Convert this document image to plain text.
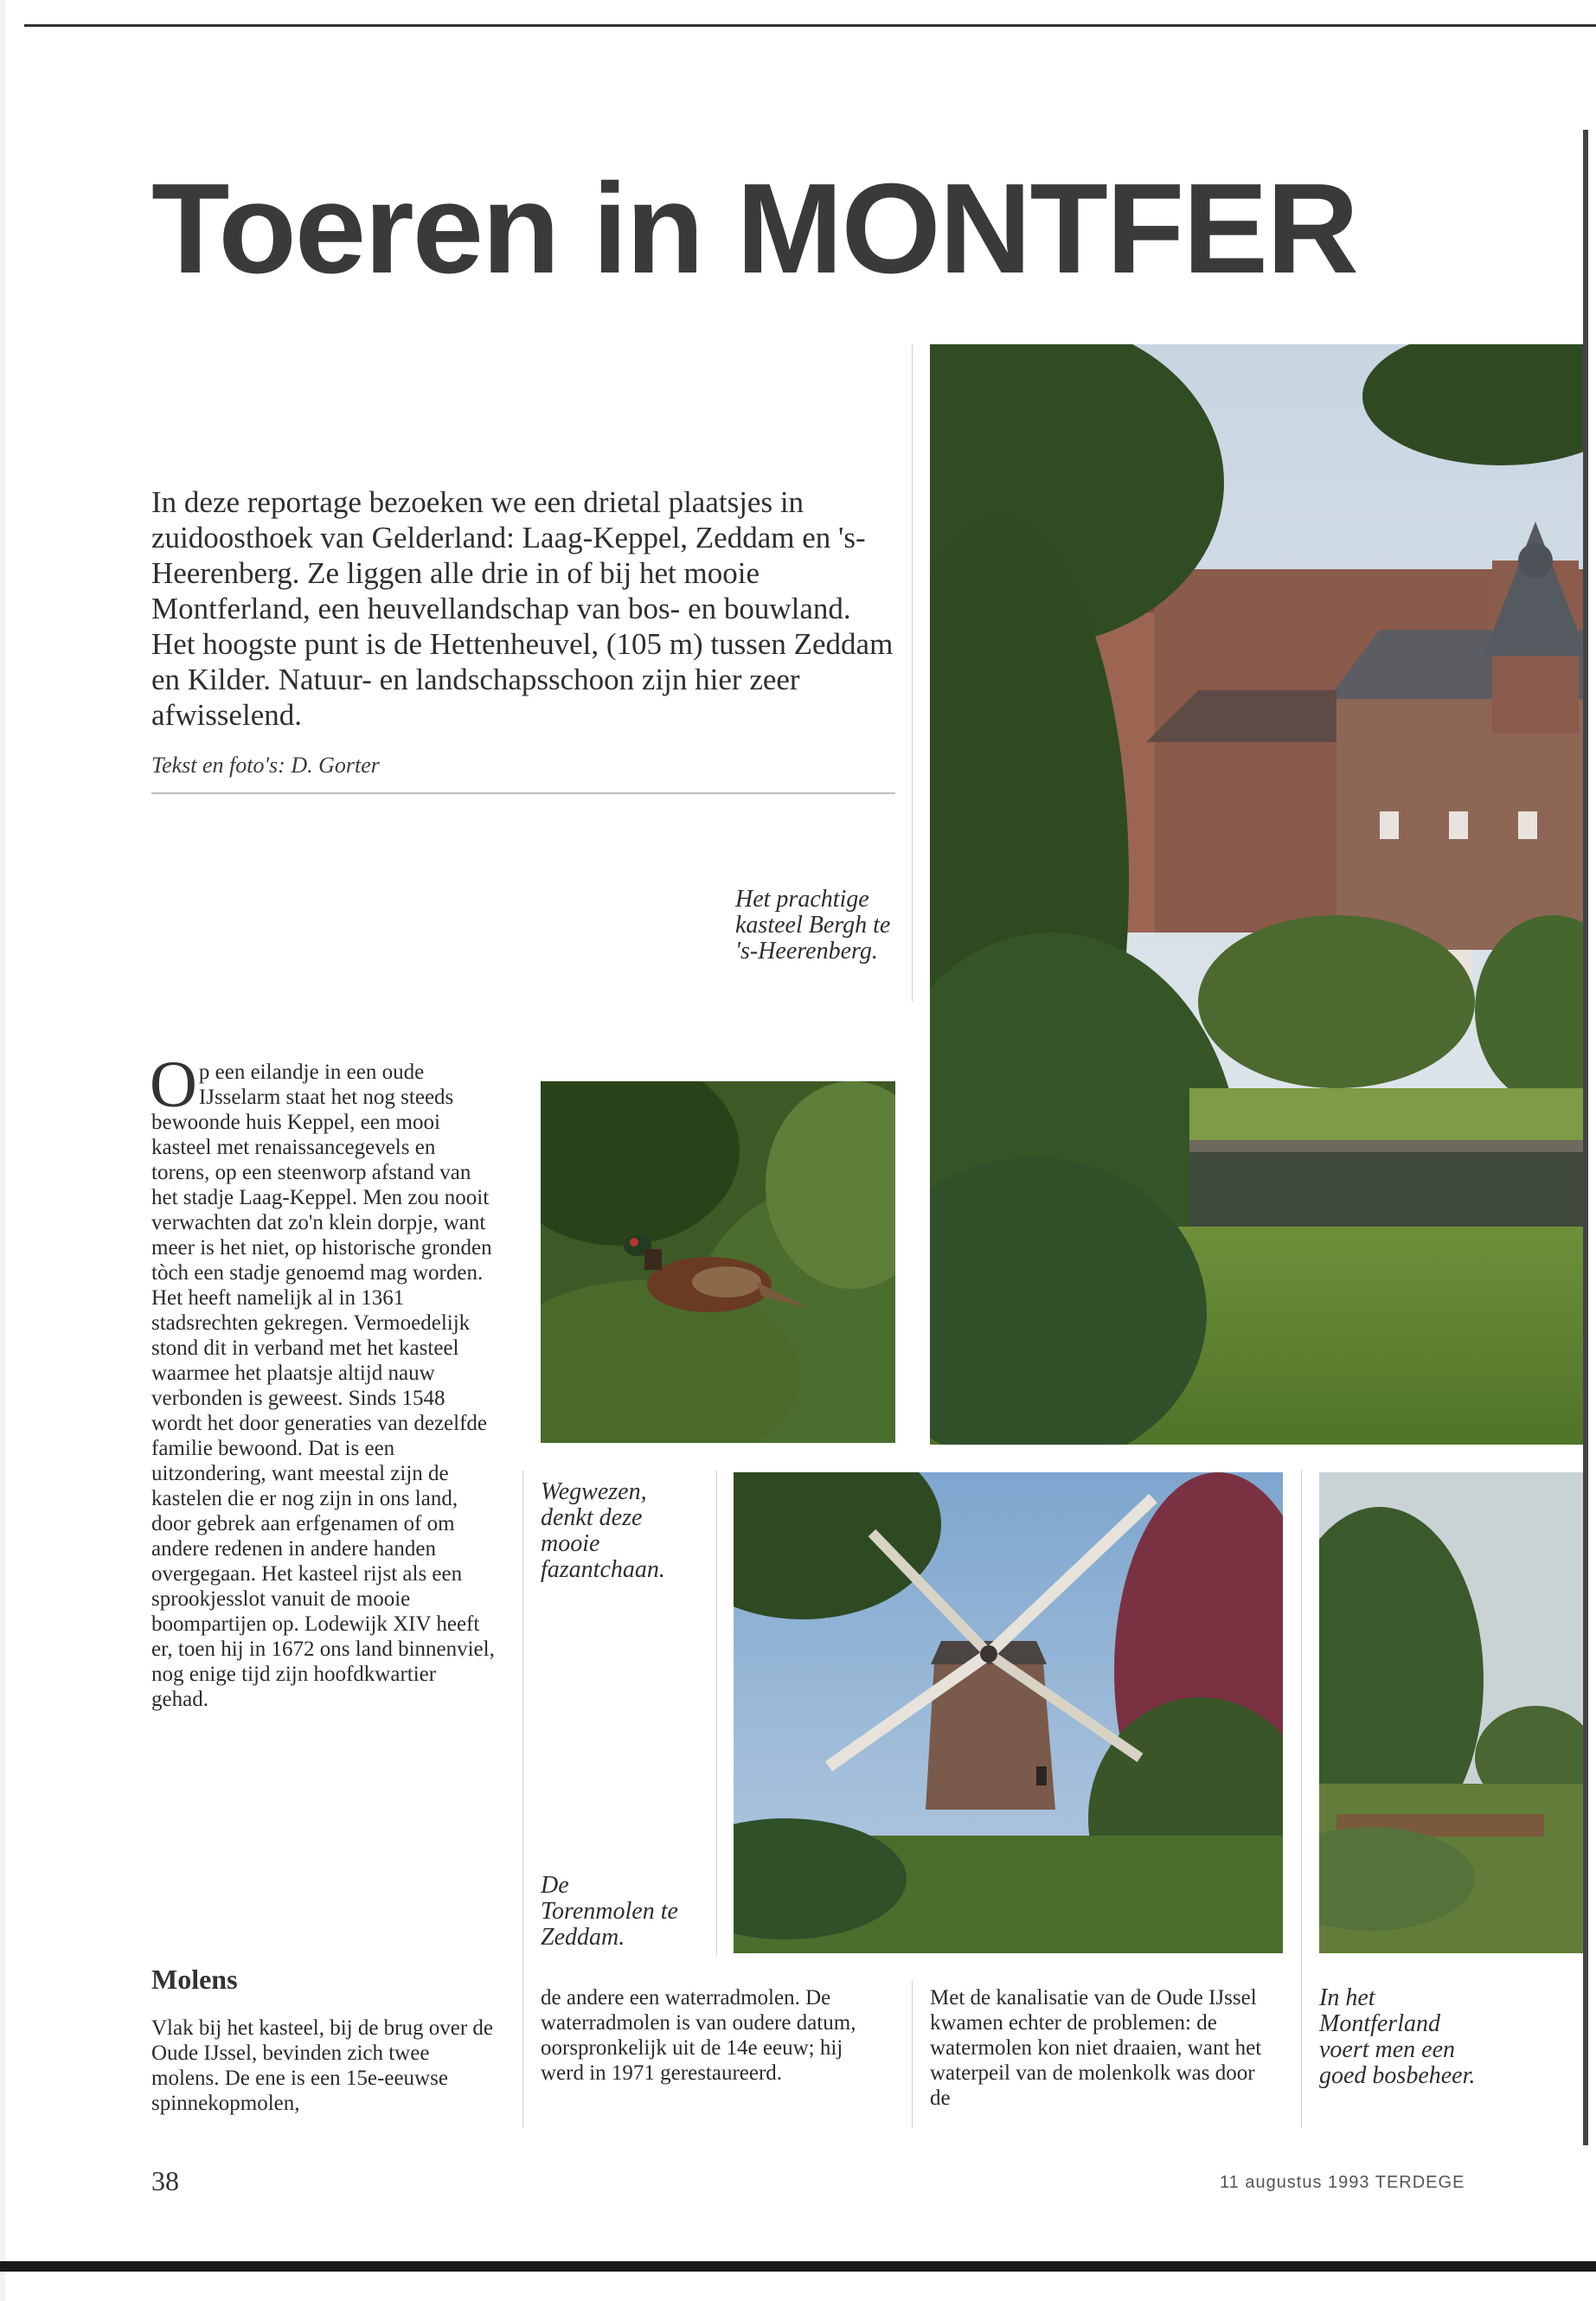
Toeren in MONTFER
In deze reportage bezoeken we een drietal plaatsjes in zuidoosthoek van Gelderland: Laag-Keppel, Zeddam en 's-Heerenberg. Ze liggen alle drie in of bij het mooie Montferland, een heuvellandschap van bos- en bouwland. Het hoogste punt is de Hettenheuvel, (105 m) tussen Zeddam en Kilder. Natuur- en landschapsschoon zijn hier zeer afwisselend.
Tekst en foto's: D. Gorter
Het prachtige kasteel Bergh te 's-Heerenberg.
Wegwezen, denkt deze mooie fazantchaan.
De Torenmolen te Zeddam.
In het Montferland voert men een goed bosbeheer.
Op een eilandje in een oude IJsselarm staat het nog steeds bewoonde huis Keppel, een mooi kasteel met renaissancegevels en torens, op een steenworp afstand van het stadje Laag-Keppel. Men zou nooit verwachten dat zo'n klein dorpje, want meer is het niet, op historische gronden tòch een stadje genoemd mag worden. Het heeft namelijk al in 1361 stadsrechten gekregen. Vermoedelijk stond dit in verband met het kasteel waarmee het plaatsje altijd nauw verbonden is geweest. Sinds 1548 wordt het door generaties van dezelfde familie bewoond. Dat is een uitzondering, want meestal zijn de kastelen die er nog zijn in ons land, door gebrek aan erfgenamen of om andere redenen in andere handen overgegaan. Het kasteel rijst als een sprookjesslot vanuit de mooie boompartijen op. Lodewijk XIV heeft er, toen hij in 1672 ons land binnenviel, nog enige tijd zijn hoofdkwartier gehad.
Molens
Vlak bij het kasteel, bij de brug over de Oude IJssel, bevinden zich twee molens. De ene is een 15e-eeuwse spinnekopmolen,
de andere een waterradmolen. De waterradmolen is van oudere datum, oorspronkelijk uit de 14e eeuw; hij werd in 1971 gerestaureerd.
Met de kanalisatie van de Oude IJssel kwamen echter de problemen: de watermolen kon niet draaien, want het waterpeil van de molenkolk was door de
38	11 augustus 1993 TERDEGE
